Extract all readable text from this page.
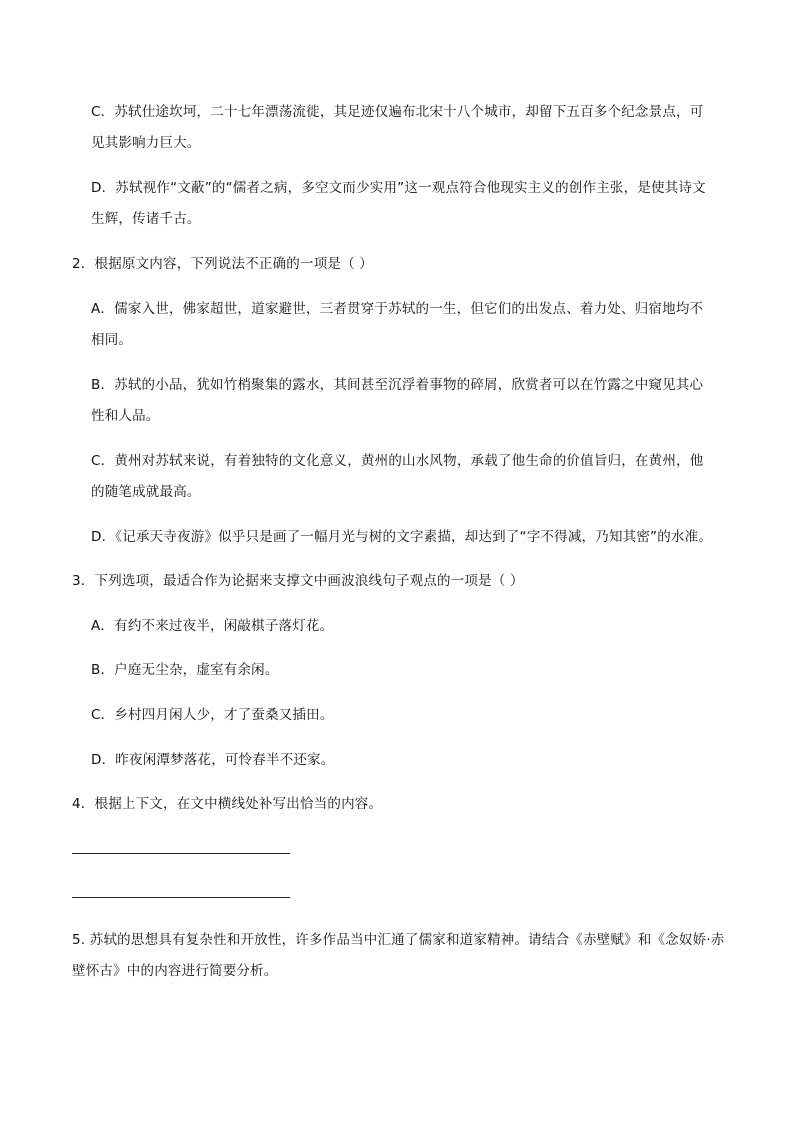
C．苏轼仕途坎坷，二十七年漂荡流徙，其足迹仅遍布北宋十八个城市，却留下五百多个纪念景点，可
见其影响力巨大。
D．苏轼视作“文蔽”的“儒者之病，多空文而少实用”这一观点符合他现实主义的创作主张，是使其诗文
生辉，传诸千古。
2．根据原文内容，下列说法不正确的一项是（ ）
A．儒家入世，佛家超世，道家避世，三者贯穿于苏轼的一生，但它们的出发点、着力处、归宿地均不
相同。
B．苏轼的小品，犹如竹梢聚集的露水，其间甚至沉浮着事物的碎屑，欣赏者可以在竹露之中窥见其心
性和人品。
C．黄州对苏轼来说，有着独特的文化意义，黄州的山水风物，承载了他生命的价值旨归，在黄州，他
的随笔成就最高。
D．《记承天寺夜游》似乎只是画了一幅月光与树的文字素描，却达到了“字不得减，乃知其密”的水准。
3．下列选项，最适合作为论据来支撑文中画波浪线句子观点的一项是（ ）
A．有约不来过夜半，闲敲棋子落灯花。
B．户庭无尘杂，虚室有余闲。
C．乡村四月闲人少，才了蚕桑又插田。
D．昨夜闲潭梦落花，可怜春半不还家。
4．根据上下文，在文中横线处补写出恰当的内容。
5. 苏轼的思想具有复杂性和开放性，许多作品当中汇通了儒家和道家精神。请结合《赤壁赋》和《念奴娇·赤
壁怀古》中的内容进行简要分析。
